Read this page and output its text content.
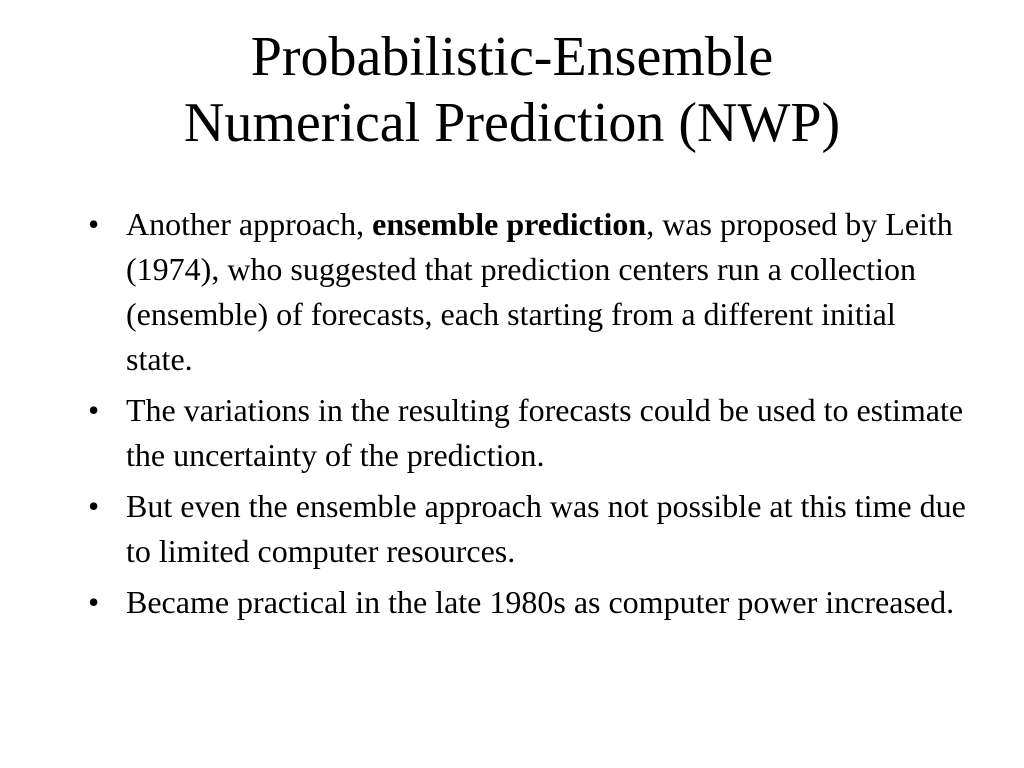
Probabilistic-Ensemble
Numerical Prediction (NWP)
• Another approach, ensemble prediction, was proposed by Leith (1974), who suggested that prediction centers run a collection (ensemble) of forecasts, each starting from a different initial state.
• The variations in the resulting forecasts could be used to estimate the uncertainty of the prediction.
• But even the ensemble approach was not possible at this time due to limited computer resources.
• Became practical in the late 1980s as computer power increased.
